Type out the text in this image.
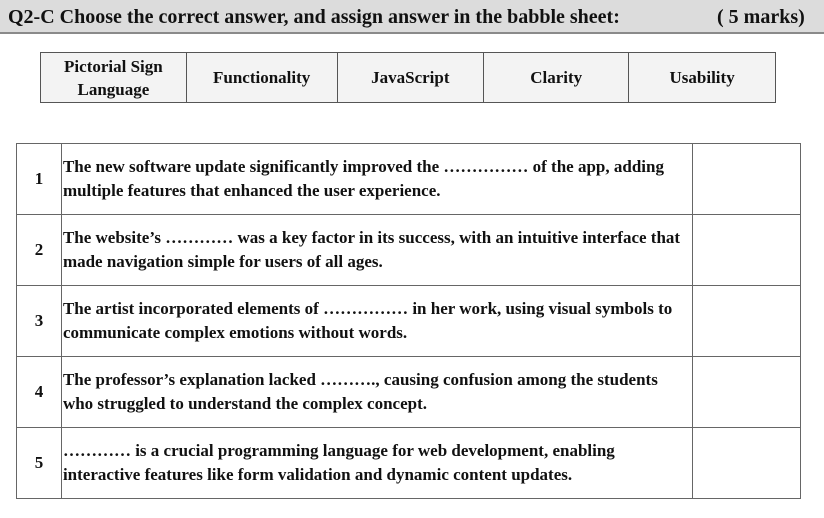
Q2-C Choose the correct answer, and assign answer in the babble sheet:	( 5 marks)
Pictorial Sign Language	Functionality	JavaScript	Clarity	Usability
1	The new software update significantly improved the …………… of the app, adding multiple features that enhanced the user experience.	
2	The website’s ………… was a key factor in its success, with an intuitive interface that made navigation simple for users of all ages.	
3	The artist incorporated elements of …………… in her work, using visual symbols to communicate complex emotions without words.	
4	The professor’s explanation lacked ………., causing confusion among the students who struggled to understand the complex concept.	
5	………… is a crucial programming language for web development, enabling interactive features like form validation and dynamic content updates.	
